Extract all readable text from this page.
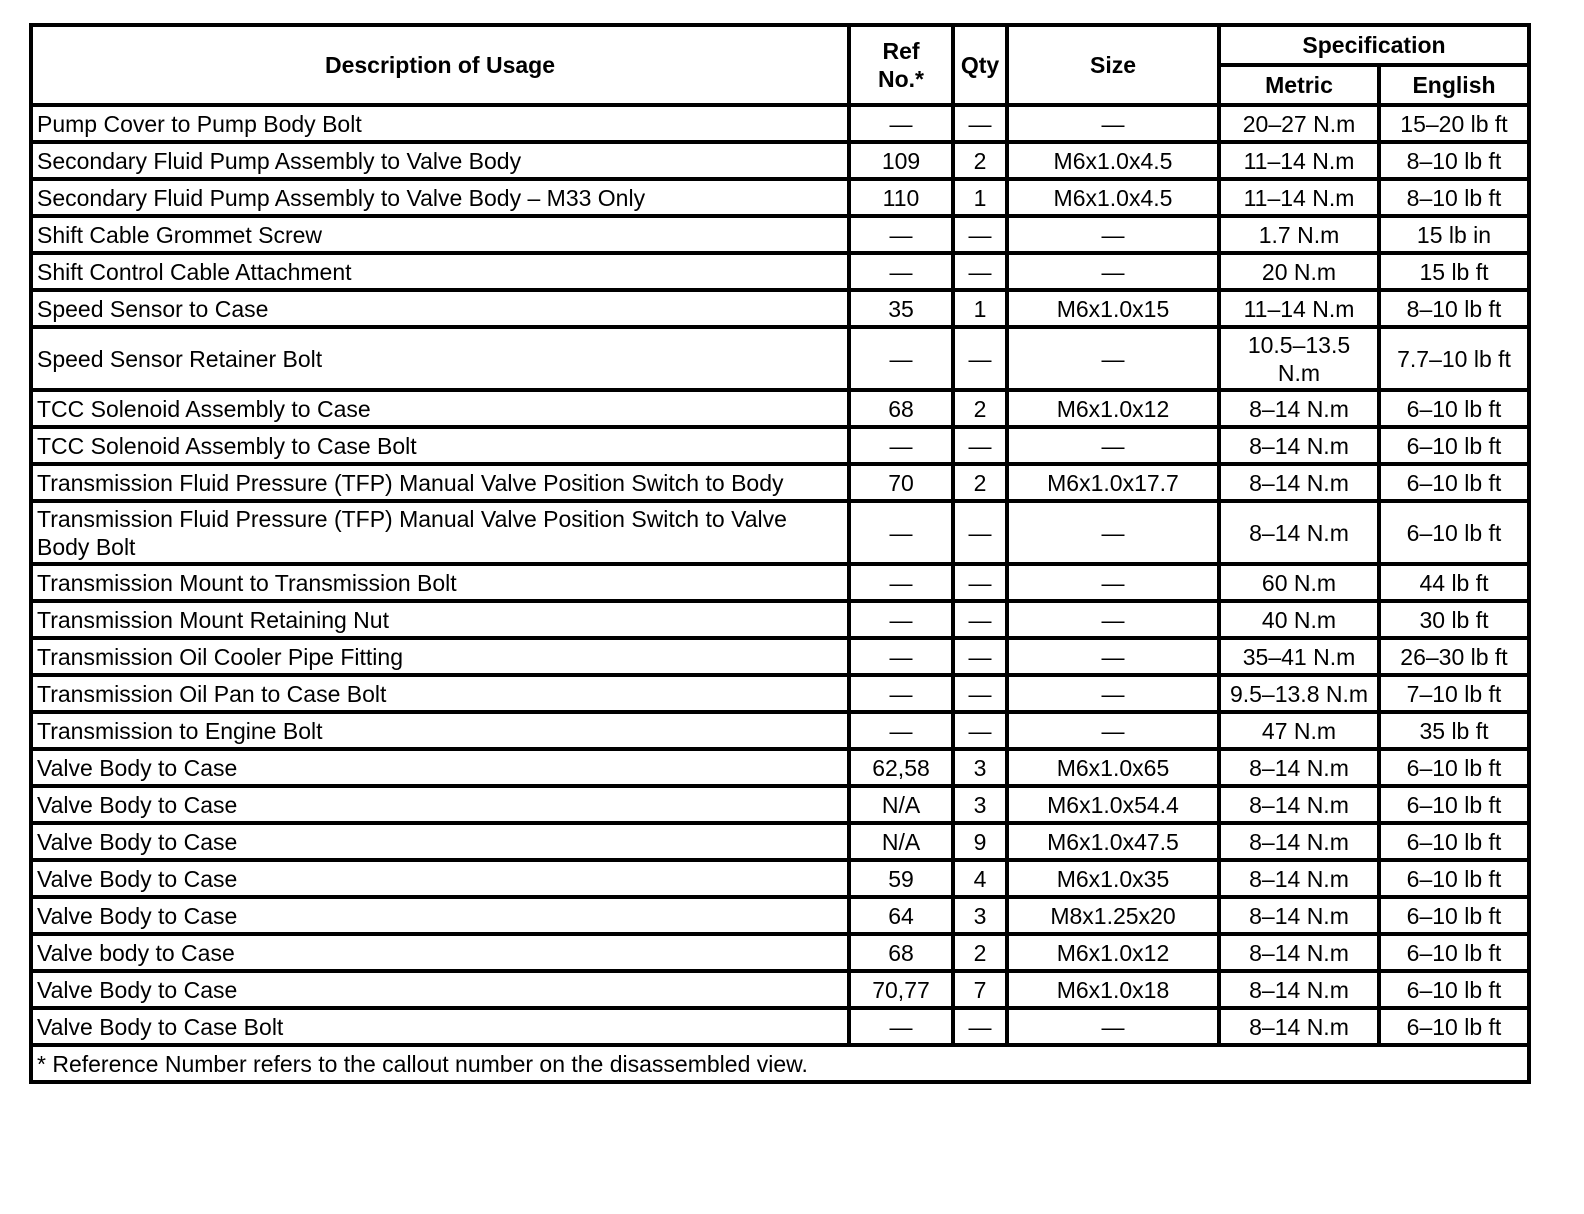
Description of Usage	Ref No.*	Qty	Size	Specification	
				Metric	English
Pump Cover to Pump Body Bolt	—	—	—	20–27 N.m	15–20 lb ft
Secondary Fluid Pump Assembly to Valve Body	109	2	M6x1.0x4.5	11–14 N.m	8–10 lb ft
Secondary Fluid Pump Assembly to Valve Body – M33 Only	110	1	M6x1.0x4.5	11–14 N.m	8–10 lb ft
Shift Cable Grommet Screw	—	—	—	1.7 N.m	15 lb in
Shift Control Cable Attachment	—	—	—	20 N.m	15 lb ft
Speed Sensor to Case	35	1	M6x1.0x15	11–14 N.m	8–10 lb ft
Speed Sensor Retainer Bolt	—	—	—	10.5–13.5 N.m	7.7–10 lb ft
TCC Solenoid Assembly to Case	68	2	M6x1.0x12	8–14 N.m	6–10 lb ft
TCC Solenoid Assembly to Case Bolt	—	—	—	8–14 N.m	6–10 lb ft
Transmission Fluid Pressure (TFP) Manual Valve Position Switch to Body	70	2	M6x1.0x17.7	8–14 N.m	6–10 lb ft
Transmission Fluid Pressure (TFP) Manual Valve Position Switch to Valve Body Bolt	—	—	—	8–14 N.m	6–10 lb ft
Transmission Mount to Transmission Bolt	—	—	—	60 N.m	44 lb ft
Transmission Mount Retaining Nut	—	—	—	40 N.m	30 lb ft
Transmission Oil Cooler Pipe Fitting	—	—	—	35–41 N.m	26–30 lb ft
Transmission Oil Pan to Case Bolt	—	—	—	9.5–13.8 N.m	7–10 lb ft
Transmission to Engine Bolt	—	—	—	47 N.m	35 lb ft
Valve Body to Case	62,58	3	M6x1.0x65	8–14 N.m	6–10 lb ft
Valve Body to Case	N/A	3	M6x1.0x54.4	8–14 N.m	6–10 lb ft
Valve Body to Case	N/A	9	M6x1.0x47.5	8–14 N.m	6–10 lb ft
Valve Body to Case	59	4	M6x1.0x35	8–14 N.m	6–10 lb ft
Valve Body to Case	64	3	M8x1.25x20	8–14 N.m	6–10 lb ft
Valve body to Case	68	2	M6x1.0x12	8–14 N.m	6–10 lb ft
Valve Body to Case	70,77	7	M6x1.0x18	8–14 N.m	6–10 lb ft
Valve Body to Case Bolt	—	—	—	8–14 N.m	6–10 lb ft
* Reference Number refers to the callout number on the disassembled view.					
